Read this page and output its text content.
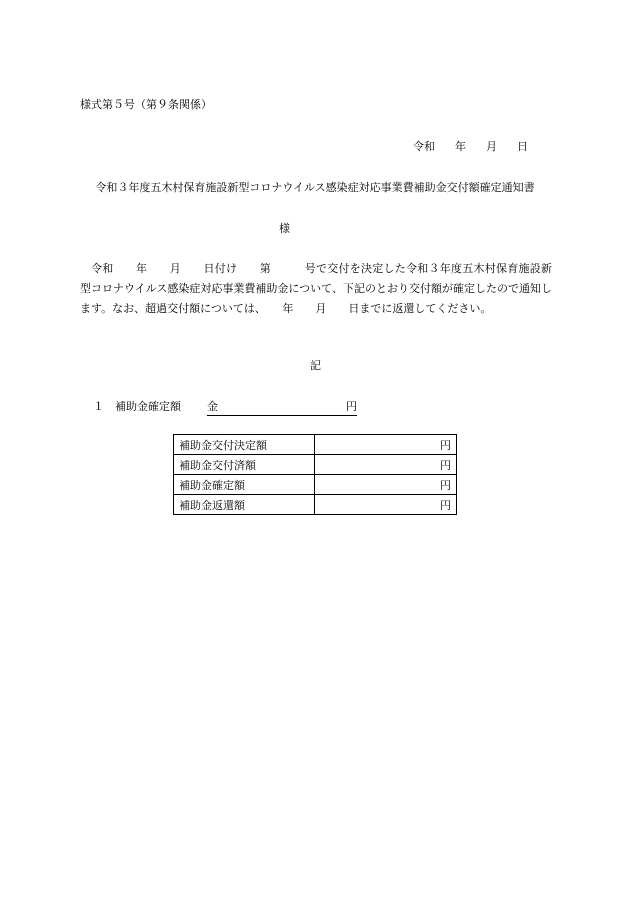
様式第５号（第９条関係）
令和 年 月 日
令和３年度五木村保育施設新型コロナウイルス感染症対応事業費補助金交付額確定通知書
様
令和　　年　　月　　日付け　　第　　　号で交付を決定した令和３年度五木村保育施設新型コロナウイルス感染症対応事業費補助金について、下記のとおり交付額が確定したので通知します。なお、超過交付額については、　　年　　月　　日までに返還してください。
記
１　補助金確定額 金	円
補助金交付決定額	円
補助金交付済額	円
補助金確定額	円
補助金返還額	円
